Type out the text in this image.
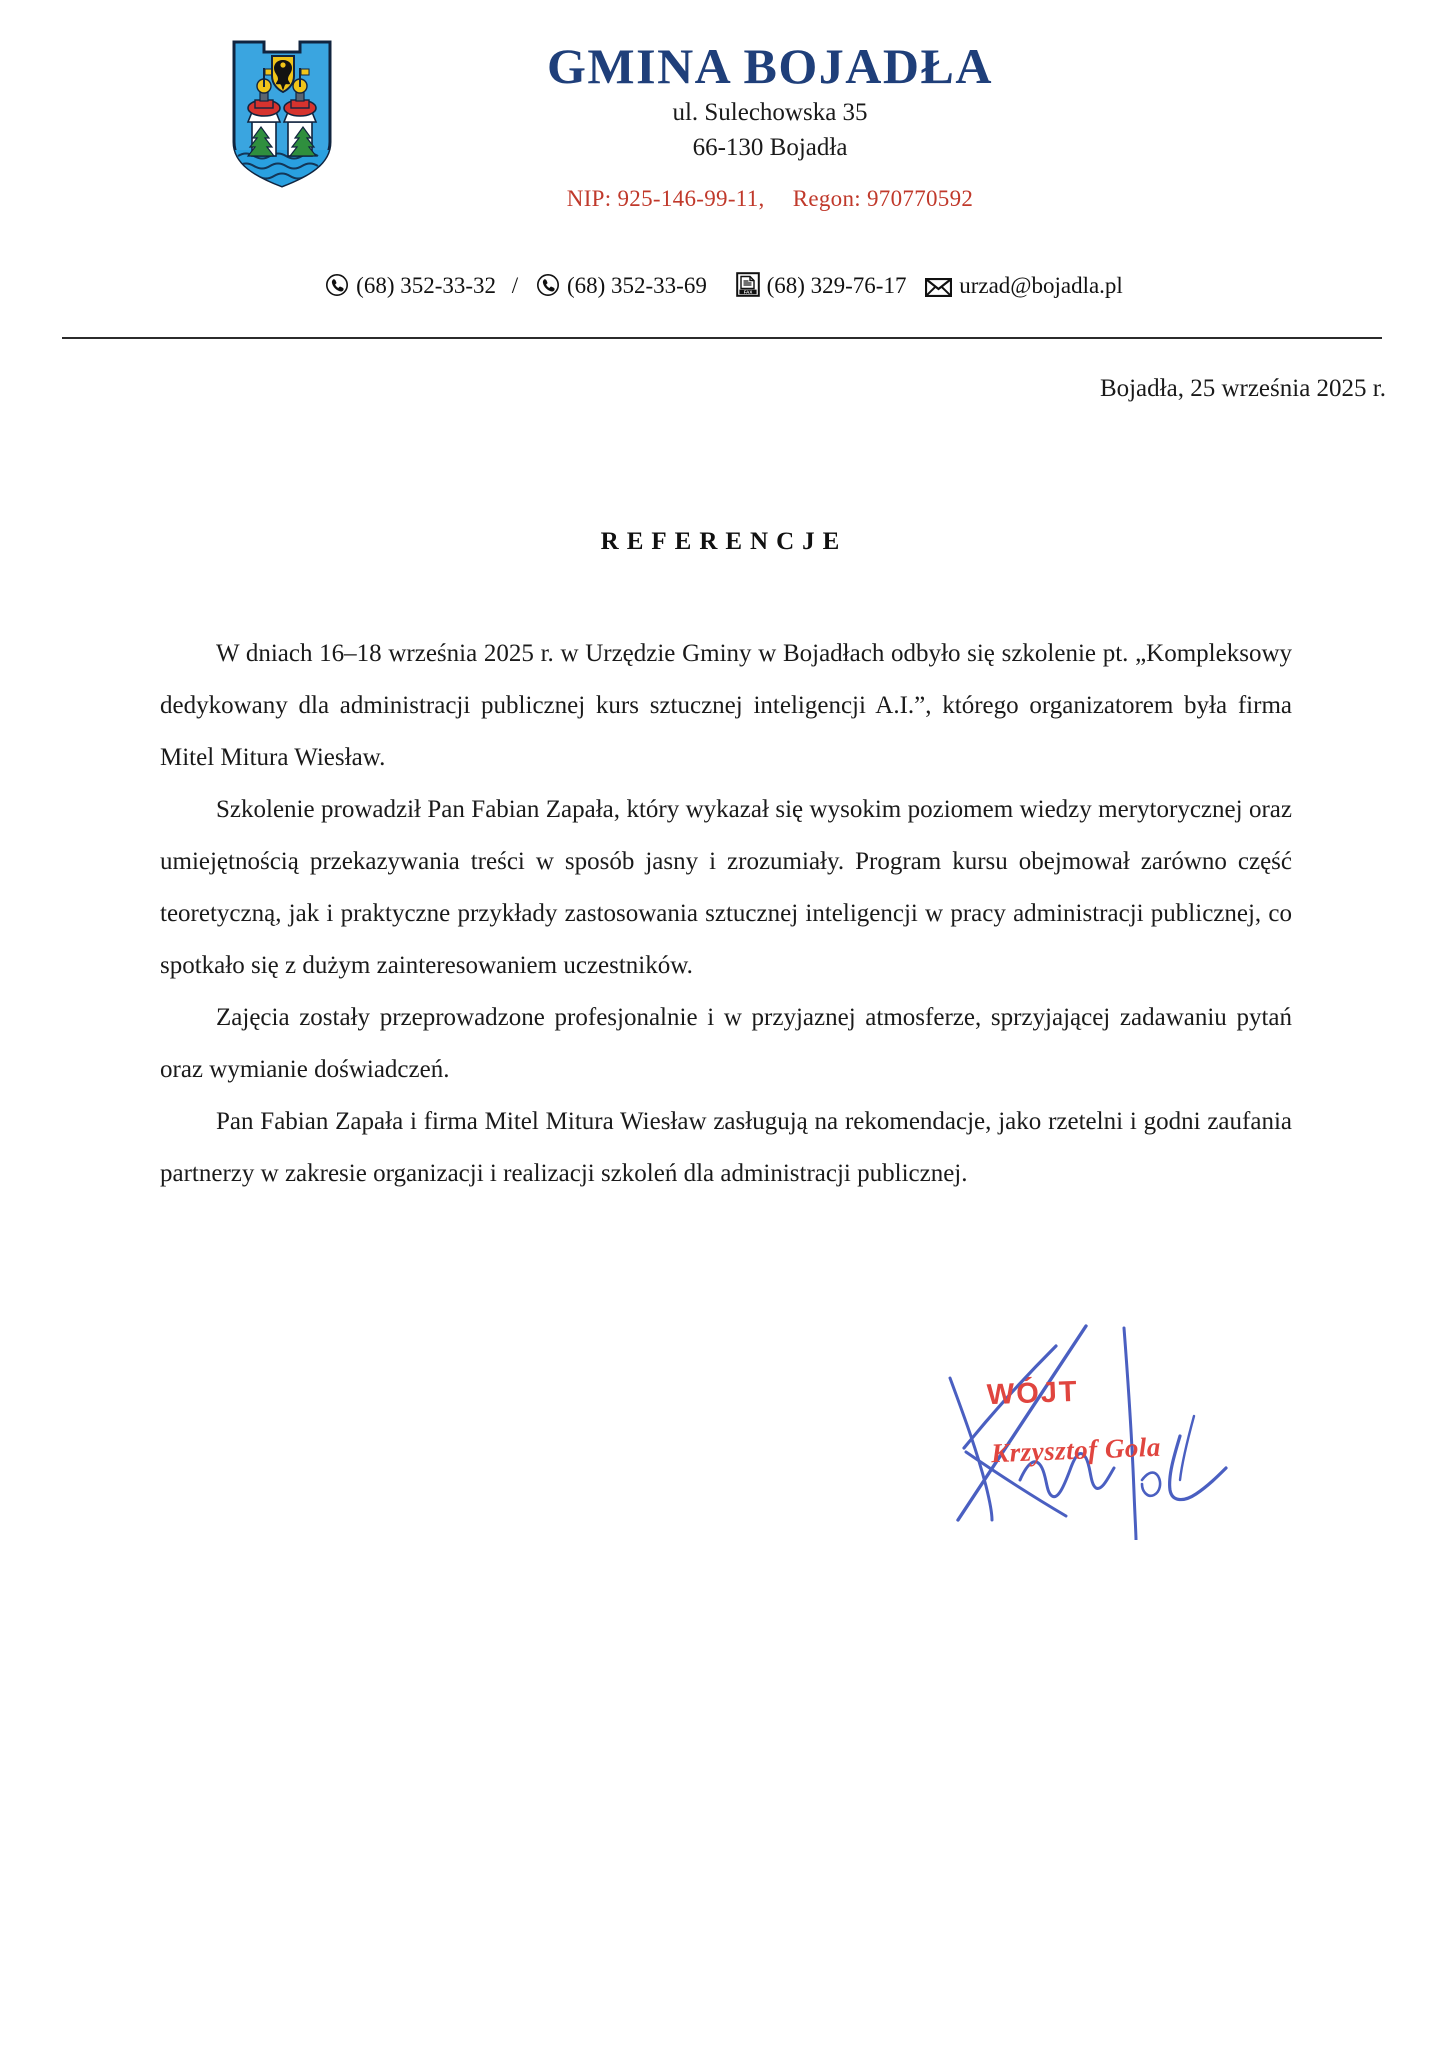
GMINA BOJADŁA
ul. Sulechowska 35
66-130 Bojadła
NIP: 925-146-99-11, Regon: 970770592
(68) 352-33-32 / (68) 352-33-69	FAX (68) 329-76-17 urzad@bojadla.pl
Bojadła, 25 września 2025 r.
REFERENCJE

W dniach 16–18 września 2025 r. w Urzędzie Gminy w Bojadłach odbyło się szkolenie pt. „Kompleksowy dedykowany dla administracji publicznej kurs sztucznej inteligencji A.I.”, którego organizatorem była firma Mitel Mitura Wiesław.

Szkolenie prowadził Pan Fabian Zapała, który wykazał się wysokim poziomem wiedzy merytorycznej oraz umiejętnością przekazywania treści w sposób jasny i zrozumiały. Program kursu obejmował zarówno część teoretyczną, jak i praktyczne przykłady zastosowania sztucznej inteligencji w pracy administracji publicznej, co spotkało się z dużym zainteresowaniem uczestników.

Zajęcia zostały przeprowadzone profesjonalnie i w przyjaznej atmosferze, sprzyjającej zadawaniu pytań oraz wymianie doświadczeń.

Pan Fabian Zapała i firma Mitel Mitura Wiesław zasługują na rekomendacje, jako rzetelni i godni zaufania partnerzy w zakresie organizacji i realizacji szkoleń dla administracji publicznej.

WÓJT
Krzysztof Gola
